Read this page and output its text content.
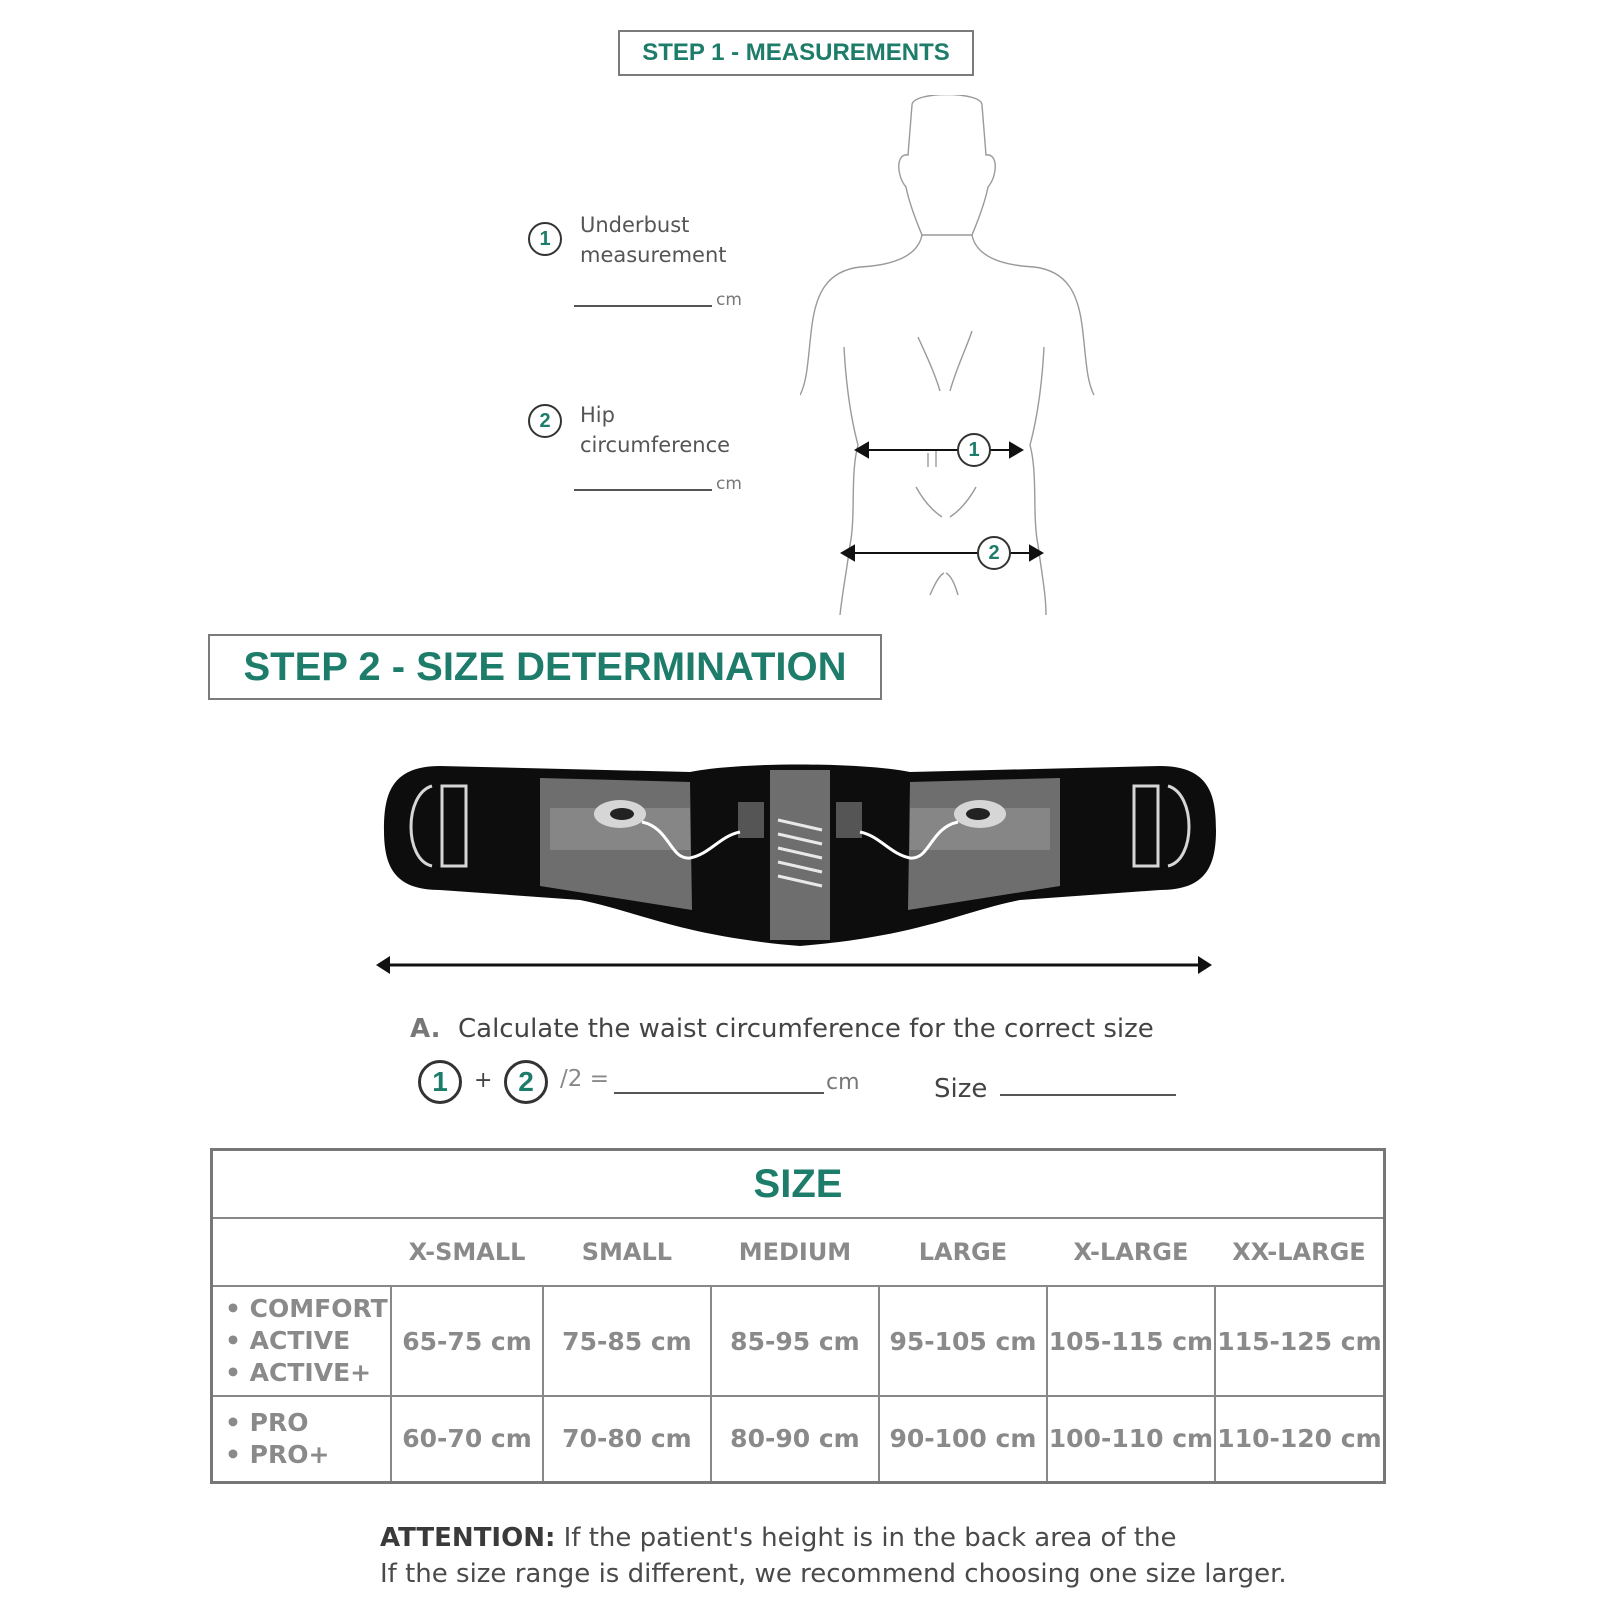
STEP 1 - MEASUREMENTS
1
Underbust
measurement
cm
2	Hip
circumference
cm
1
2
STEP 2 - SIZE DETERMINATION
A. Calculate the waist circumference for the correct size
1	+ 2	/2 =	cm	Size
SIZE						
	X-SMALL	SMALL	MEDIUM	LARGE	X-LARGE	XX-LARGE

• COMFORT
• ACTIVE
• ACTIVE+	65-75 cm	75-85 cm	85-95 cm	95-105 cm	105-115 cm	115-125 cm

• PRO
• PRO+	60-70 cm	70-80 cm	80-90 cm	90-100 cm	100-110 cm	110-120 cm
ATTENTION: If the patient's height is in the back area of the
If the size range is different, we recommend choosing one size larger.
